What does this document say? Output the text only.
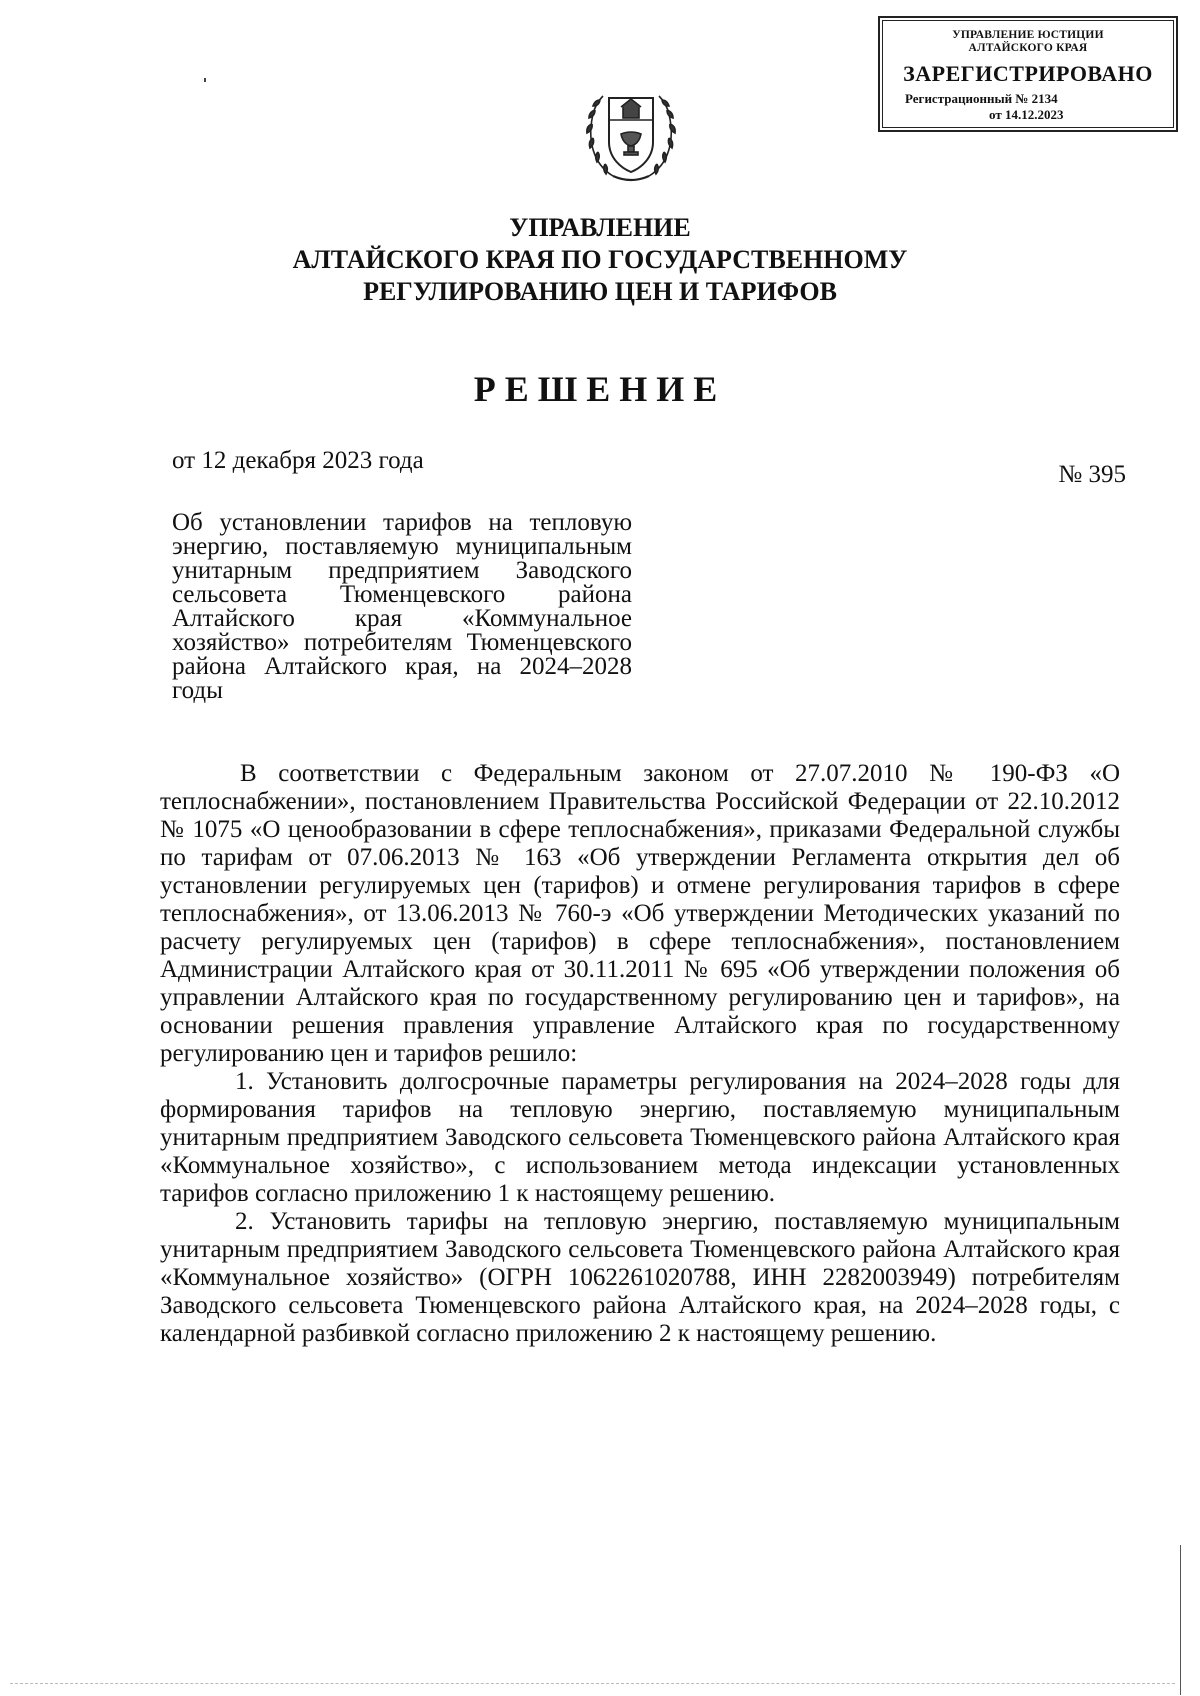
УПРАВЛЕНИЕ ЮСТИЦИИ
АЛТАЙСКОГО КРАЯ
ЗАРЕГИСТРИРОВАНО
Регистрационный № 2134
от 14.12.2023
УПРАВЛЕНИЕ
АЛТАЙСКОГО КРАЯ ПО ГОСУДАРСТВЕННОМУ
РЕГУЛИРОВАНИЮ ЦЕН И ТАРИФОВ
РЕШЕНИЕ
от 12 декабря 2023 года
№ 395
Об установлении тарифов на тепловую энергию, поставляемую муниципальным унитарным предприятием Заводского сельсовета Тюменцевского района Алтайского края «Коммунальное хозяйство» потребителям Тюменцевского района Алтайского края, на 2024–2028 годы

В соответствии с Федеральным законом от 27.07.2010 № 190-ФЗ «О теплоснабжении», постановлением Правительства Российской Федерации от 22.10.2012 № 1075 «О ценообразовании в сфере теплоснабжения», приказами Федеральной службы по тарифам от 07.06.2013 № 163 «Об утверждении Регламента открытия дел об установлении регулируемых цен (тарифов) и отмене регулирования тарифов в сфере теплоснабжения», от 13.06.2013 № 760-э «Об утверждении Методических указаний по расчету регулируемых цен (тарифов) в сфере теплоснабжения», постановлением Администрации Алтайского края от 30.11.2011 № 695 «Об утверждении положения об управлении Алтайского края по государственному регулированию цен и тарифов», на основании решения правления управление Алтайского края по государственному регулированию цен и тарифов решило:

1. Установить долгосрочные параметры регулирования на 2024–2028 годы для формирования тарифов на тепловую энергию, поставляемую муниципальным унитарным предприятием Заводского сельсовета Тюменцевского района Алтайского края «Коммунальное хозяйство», с использованием метода индексации установленных тарифов согласно приложению 1 к настоящему решению.

2. Установить тарифы на тепловую энергию, поставляемую муниципальным унитарным предприятием Заводского сельсовета Тюменцевского района Алтайского края «Коммунальное хозяйство» (ОГРН 1062261020788, ИНН 2282003949) потребителям Заводского сельсовета Тюменцевского района Алтайского края, на 2024–2028 годы, с календарной разбивкой согласно приложению 2 к настоящему решению.
